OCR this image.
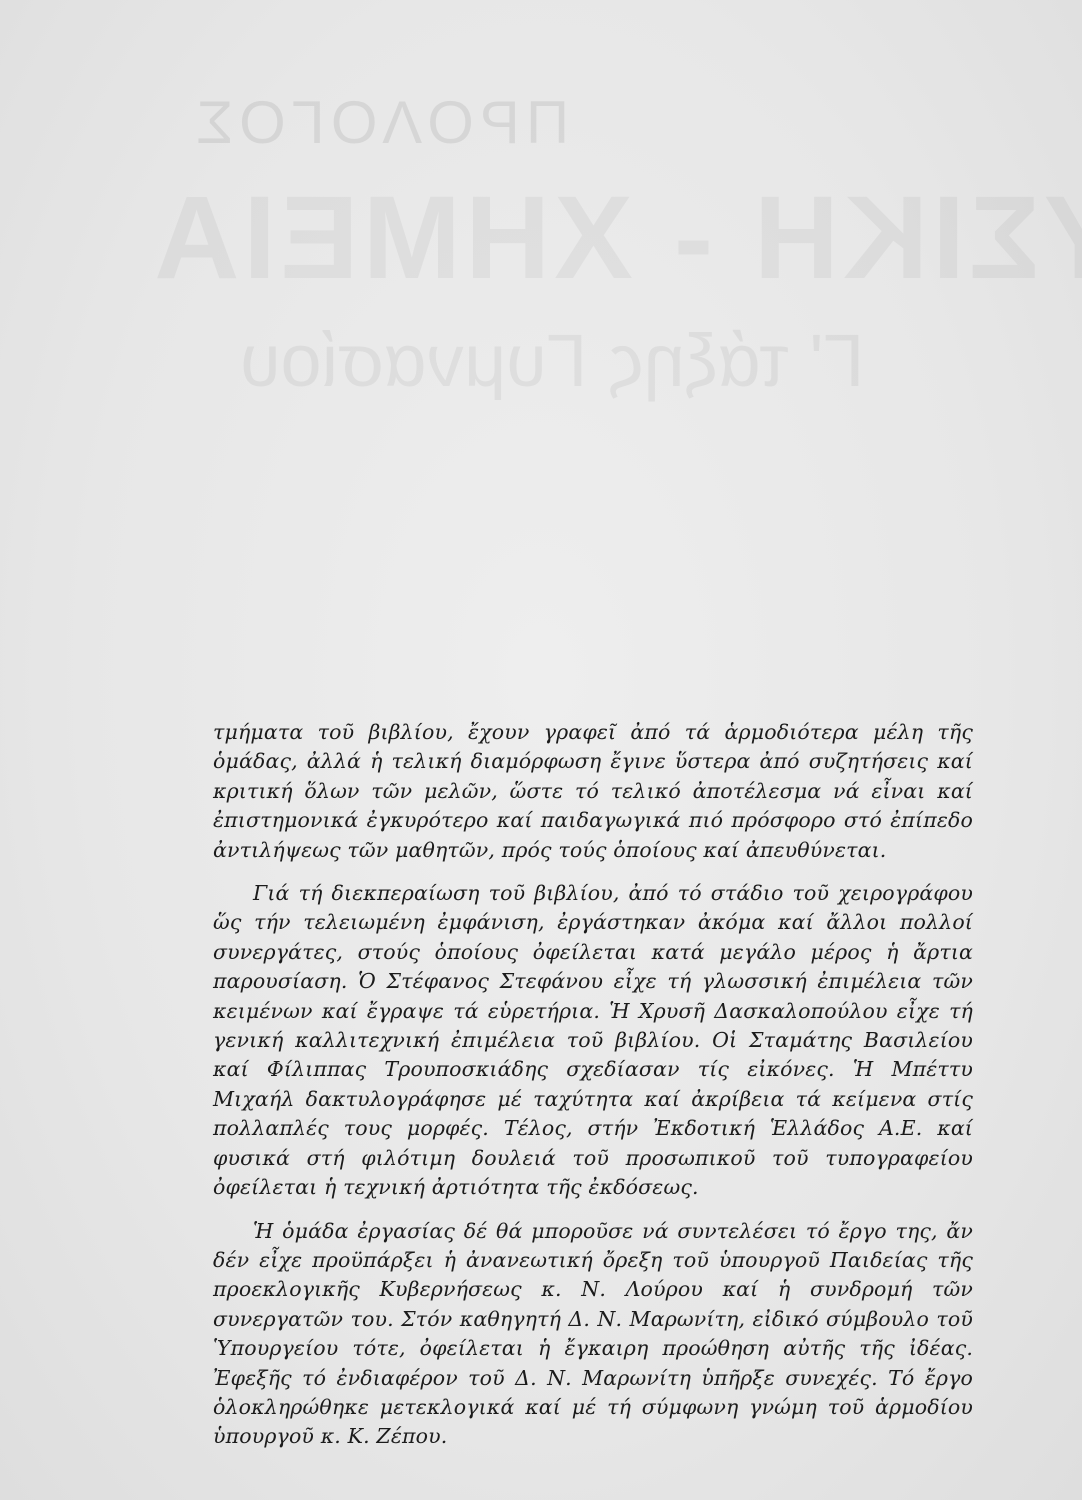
ΠΡΟΛΟΓΟΣ
Γ' τάξης Γυμνασίου

τμήματα τοῦ βιβλίου, ἔχουν γραφεῖ ἀπό τά ἁρμοδιότερα μέλη τῆς ὁμάδας, ἀλλά ἡ τελική διαμόρφωση ἔγινε ὕστερα ἀπό συζητήσεις καί κριτική ὅλων τῶν μελῶν, ὥστε τό τελικό ἀποτέλεσμα νά εἶναι καί ἐπιστημονικά ἐγκυρότερο καί παιδαγωγικά πιό πρόσφορο στό ἐπίπεδο ἀντιλήψεως τῶν μαθητῶν, πρός τούς ὁποίους καί ἀπευθύνεται.

Γιά τή διεκπεραίωση τοῦ βιβλίου, ἀπό τό στάδιο τοῦ χειρογράφου ὥς τήν τελειωμένη ἐμφάνιση, ἐργάστηκαν ἀκόμα καί ἄλλοι πολλοί συνεργάτες, στούς ὁποίους ὀφείλεται κατά μεγάλο μέρος ἡ ἄρτια παρουσίαση. Ὁ Στέφανος Στεφάνου εἶχε τή γλωσσική ἐπιμέλεια τῶν κειμένων καί ἔγραψε τά εὑρετήρια. Ἡ Χρυσῆ Δασκαλοπούλου εἶχε τή γενική καλλιτεχνική ἐπιμέλεια τοῦ βιβλίου. Οἱ Σταμάτης Βασιλείου καί Φίλιππας Τρουποσκιάδης σχεδίασαν τίς εἰκόνες. Ἡ Μπέττυ Μιχαήλ δακτυλογράφησε μέ ταχύτητα καί ἀκρίβεια τά κείμενα στίς πολλαπλές τους μορφές. Τέλος, στήν Ἐκδοτική Ἑλλάδος Α.Ε. καί φυσικά στή φιλότιμη δουλειά τοῦ προσωπικοῦ τοῦ τυπογραφείου ὀφείλεται ἡ τεχνική ἀρτιότητα τῆς ἐκδόσεως.

Ἡ ὁμάδα ἐργασίας δέ θά μποροῦσε νά συντελέσει τό ἔργο της, ἄν δέν εἶχε προϋπάρξει ἡ ἀνανεωτική ὄρεξη τοῦ ὑπουργοῦ Παιδείας τῆς προεκλογικῆς Κυβερνήσεως κ. Ν. Λούρου καί ἡ συνδρομή τῶν συνεργατῶν του. Στόν καθηγητή Δ. Ν. Μαρωνίτη, εἰδικό σύμβουλο τοῦ Ὑπουργείου τότε, ὀφείλεται ἡ ἔγκαιρη προώθηση αὐτῆς τῆς ἰδέας. Ἐφεξῆς τό ἐνδιαφέρον τοῦ Δ. Ν. Μαρωνίτη ὑπῆρξε συνεχές. Τό ἔργο ὁλοκληρώθηκε μετεκλογικά καί μέ τή σύμφωνη γνώμη τοῦ ἁρμοδίου ὑπουργοῦ κ. Κ. Ζέπου.
